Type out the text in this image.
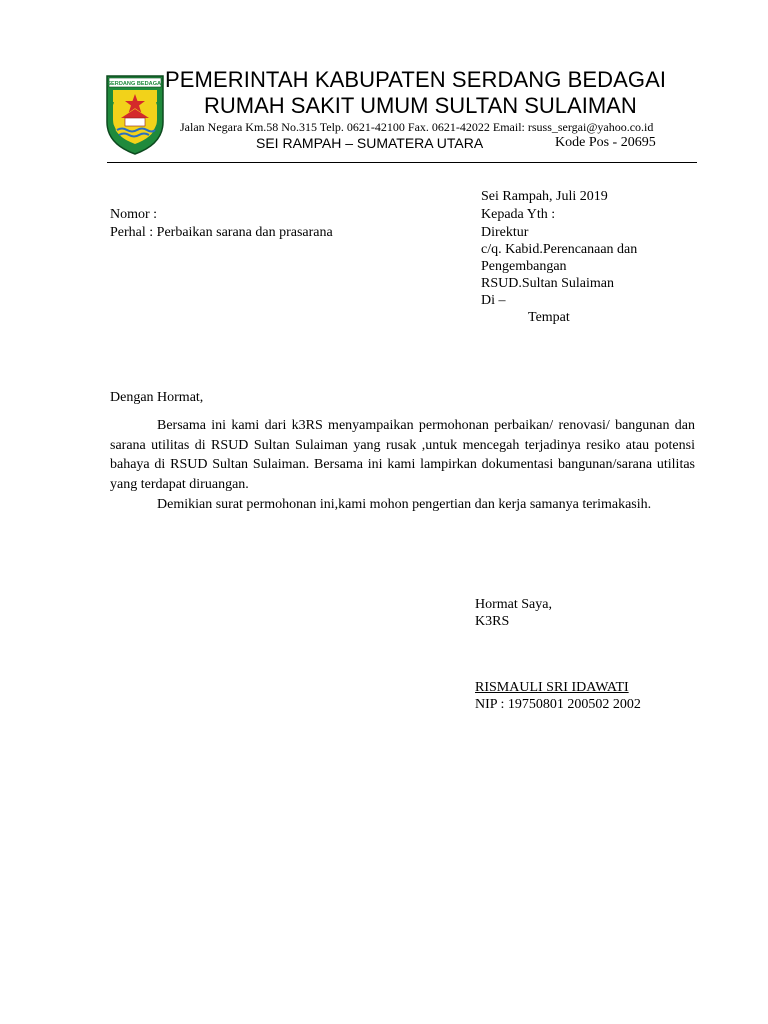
SERDANG BEDAGAI PEMERINTAH KABUPATEN SERDANG BEDAGAI
RUMAH SAKIT UMUM SULTAN SULAIMAN
Jalan Negara Km.58 No.315 Telp. 0621-42100 Fax. 0621-42022 Email: rsuss_sergai@yahoo.co.id
SEI RAMPAH – SUMATERA UTARA	Kode Pos - 20695
Sei Rampah, Juli 2019
Nomor :
Perhal : Perbaikan sarana dan prasarana
Kepada Yth :
Direktur
c/q. Kabid.Perencanaan dan
Pengembangan
RSUD.Sultan Sulaiman
Di –
Tempat
Dengan Hormat,

Bersama ini kami dari k3RS menyampaikan permohonan perbaikan/ renovasi/ bangunan dan sarana utilitas di RSUD Sultan Sulaiman yang rusak ,untuk mencegah terjadinya resiko atau potensi bahaya di RSUD Sultan Sulaiman. Bersama ini kami lampirkan dokumentasi bangunan/sarana utilitas yang terdapat diruangan.

Demikian surat permohonan ini,kami mohon pengertian dan kerja samanya terimakasih.

Hormat Saya,
K3RS
RISMAULI SRI IDAWATI
NIP : 19750801 200502 2002
